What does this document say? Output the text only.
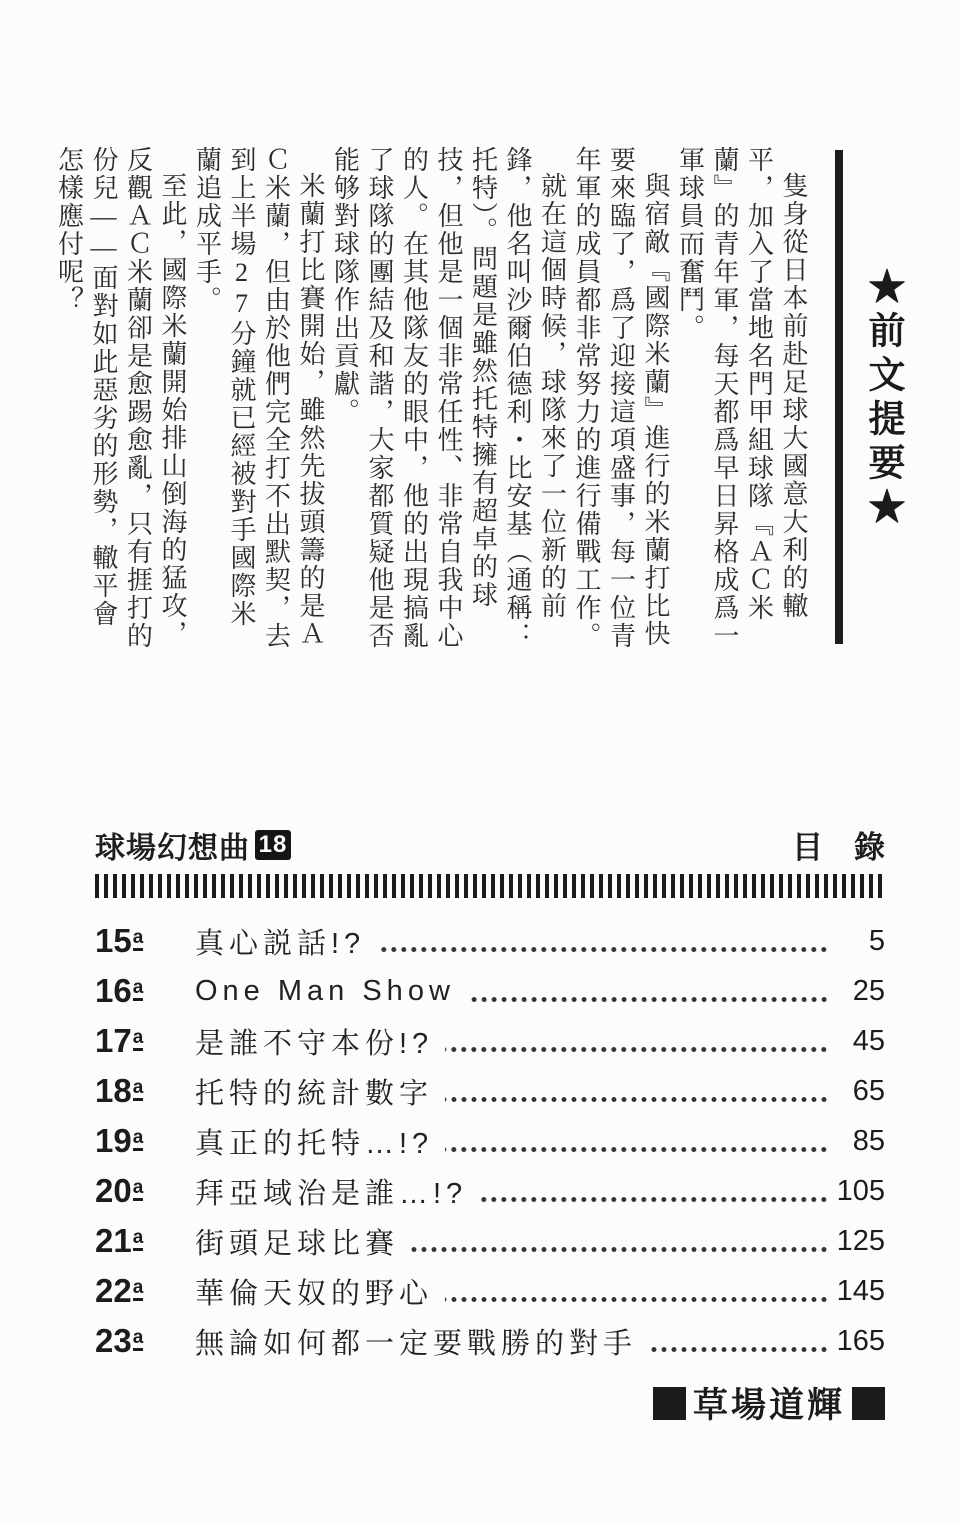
★前文提要★

隻身從日本前赴足球大國意大利的轍平，加入了當地名門甲組球隊『ＡＣ米蘭』的青年軍，每天都爲早日昇格成爲一軍球員而奮鬥。

與宿敵『國際米蘭』進行的米蘭打比快要來臨了，爲了迎接這項盛事，每一位青年軍的成員都非常努力的進行備戰工作。

就在這個時候，球隊來了一位新的前鋒，他名叫沙爾伯德利・比安基（通稱：托特）。問題是雖然托特擁有超卓的球技，但他是一個非常任性、非常自我中心的人。在其他隊友的眼中，他的出現搞亂了球隊的團結及和諧，大家都質疑他是否能够對球隊作出貢獻。

米蘭打比賽開始，雖然先拔頭籌的是ＡＣ米蘭，但由於他們完全打不出默契，去到上半場27分鐘就已經被對手國際米蘭追成平手。

至此，國際米蘭開始排山倒海的猛攻，反觀ＡＣ米蘭卻是愈踢愈亂，只有捱打的份兒——面對如此惡劣的形勢，轍平會怎樣應付呢？

球場幻想曲 18	目錄
15a	真心説話!?	5
16a	One Man Show	25
17a	是誰不守本份!?	45
18a	托特的統計數字	65
19a	真正的托特…!?	85
20a	拜亞域治是誰…!?	105
21a	街頭足球比賽	125
22a	華倫天奴的野心	145
23a	無論如何都一定要戰勝的對手	165
草場道輝
